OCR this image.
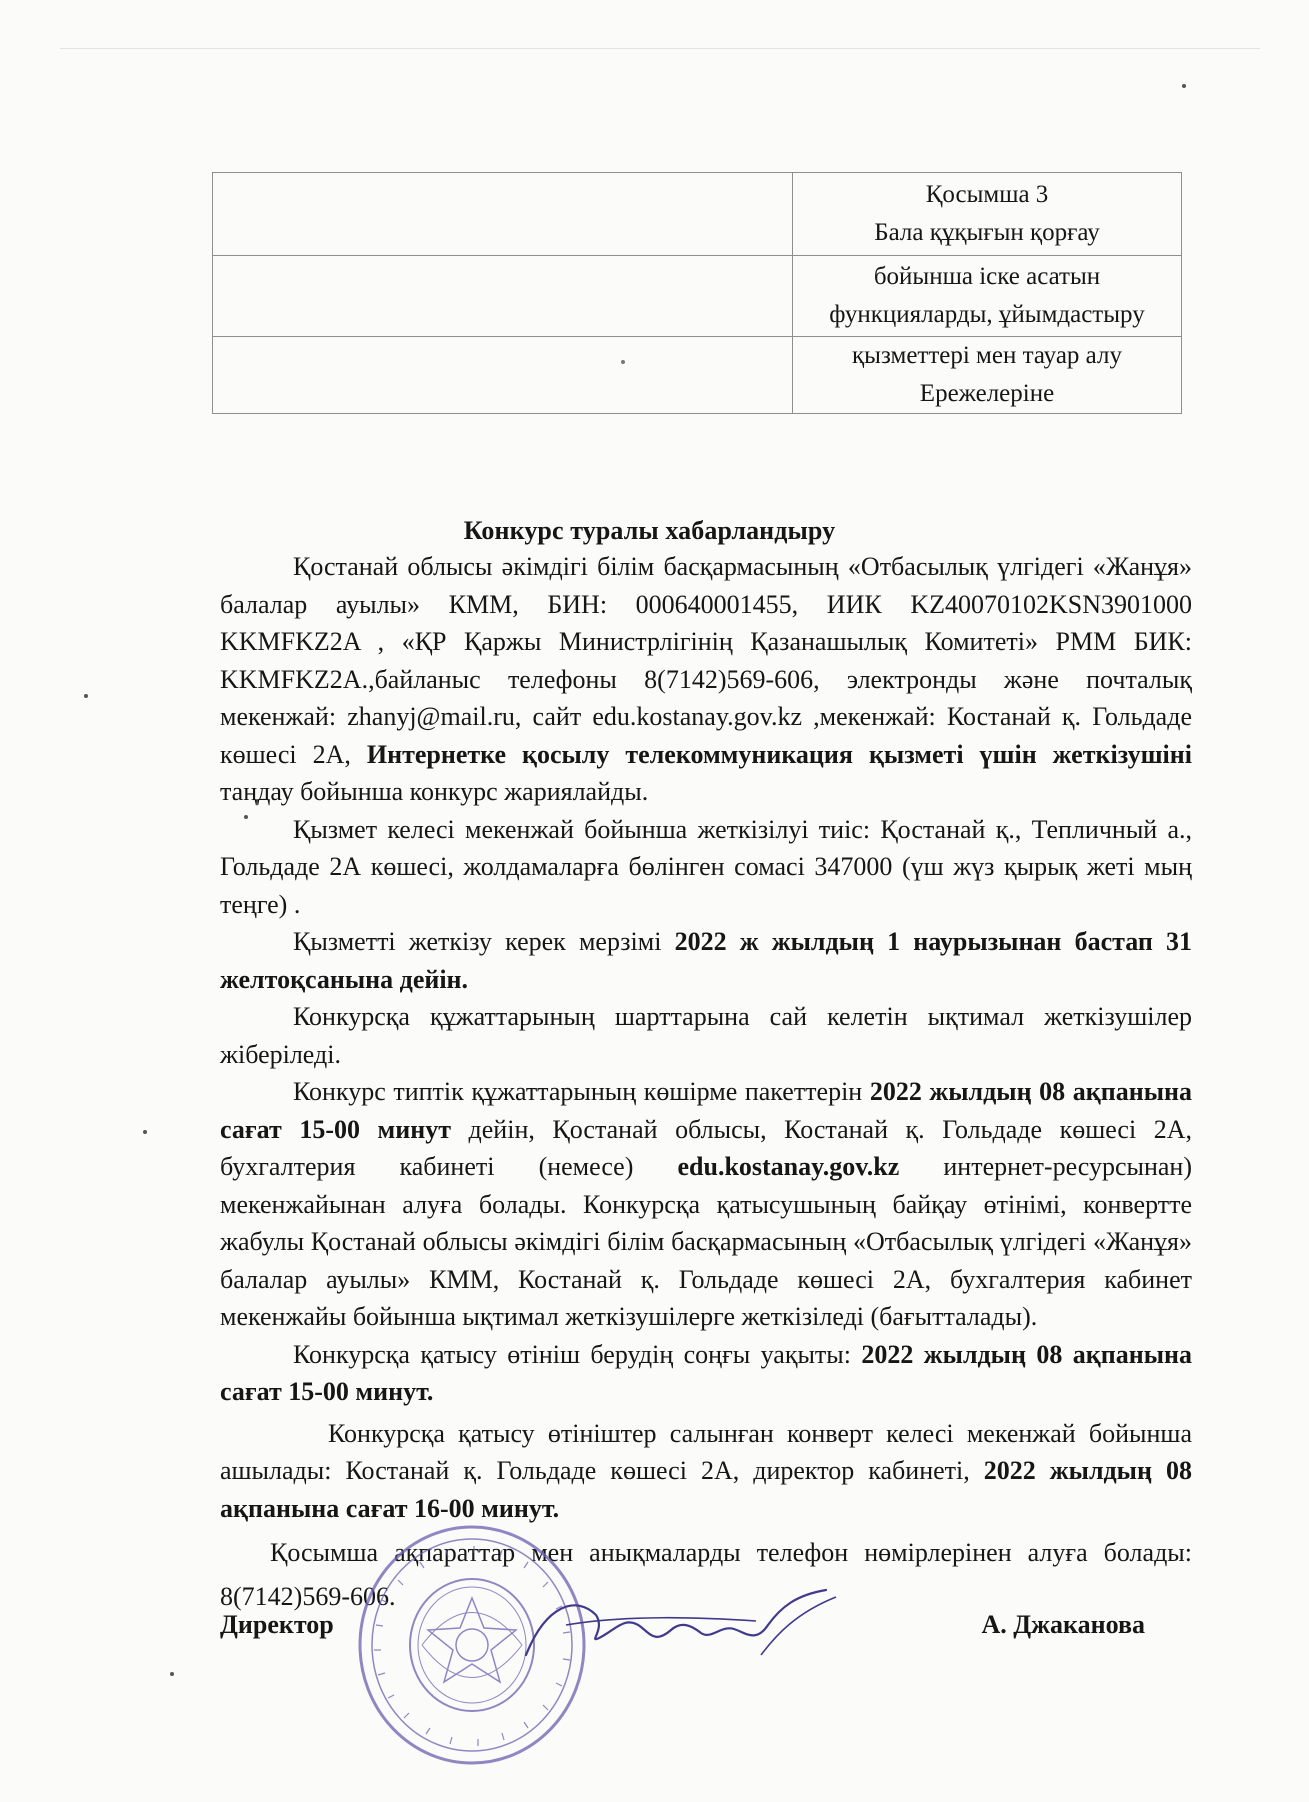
	Қосымша 3
Бала құқығын қорғау

	бойынша іске асатын
функцияларды, ұйымдастыру

	қызметтері мен тауар алу
Ережелеріне
Конкурс туралы хабарландыру

Қостанай облысы әкімдігі білім басқармасының «Отбасылық үлгідегі «Жанұя» балалар ауылы» КММ, БИН: 000640001455, ИИК KZ40070102KSN3901000 KKMFKZ2A , «ҚР Қаржы Министрлігінің Қазанашылық Комитеті» РММ БИК: KKMFKZ2A.,байланыс телефоны 8(7142)569-606, электронды және почталық мекенжай: zhanyj@mail.ru, сайт edu.kostanay.gov.kz ,мекенжай: Костанай қ. Гольдаде көшесі 2А, Интернетке қосылу телекоммуникация қызметі үшін жеткізушіні таңдау бойынша конкурс жариялайды.

Қызмет келесі мекенжай бойынша жеткізілуі тиіс: Қостанай қ., Тепличный а., Гольдаде 2А көшесі, жолдамаларға бөлінген сомасі 347000 (үш жүз қырық жеті мың теңге) .

Қызметті жеткізу керек мерзімі 2022 ж жылдың 1 наурызынан бастап 31 желтоқсанына дейін.

Конкурсқа құжаттарының шарттарына сай келетін ықтимал жеткізушілер жіберіледі.

Конкурс типтік құжаттарының көшірме пакеттерін 2022 жылдың 08 ақпанына сағат 15-00 минут дейін, Қостанай облысы, Костанай қ. Гольдаде көшесі 2А, бухгалтерия кабинеті (немесе) edu.kostanay.gov.kz интернет-ресурсынан) мекенжайынан алуға болады. Конкурсқа қатысушының байқау өтінімі, конвертте жабулы Қостанай облысы әкімдігі білім басқармасының «Отбасылық үлгідегі «Жанұя» балалар ауылы» КММ, Костанай қ. Гольдаде көшесі 2А, бухгалтерия кабинет мекенжайы бойынша ықтимал жеткізушілерге жеткізіледі (бағытталады).

Конкурсқа қатысу өтініш берудің соңғы уақыты: 2022 жылдың 08 ақпанына сағат 15-00 минут.

Конкурсқа қатысу өтініштер салынған конверт келесі мекенжай бойынша ашылады: Костанай қ. Гольдаде көшесі 2А, директор кабинеті, 2022 жылдың 08 ақпанына сағат 16-00 минут.

Қосымша ақпараттар мен анықмаларды телефон нөмірлерінен алуға болады: 8(7142)569-606.

Директор	А. Джаканова
